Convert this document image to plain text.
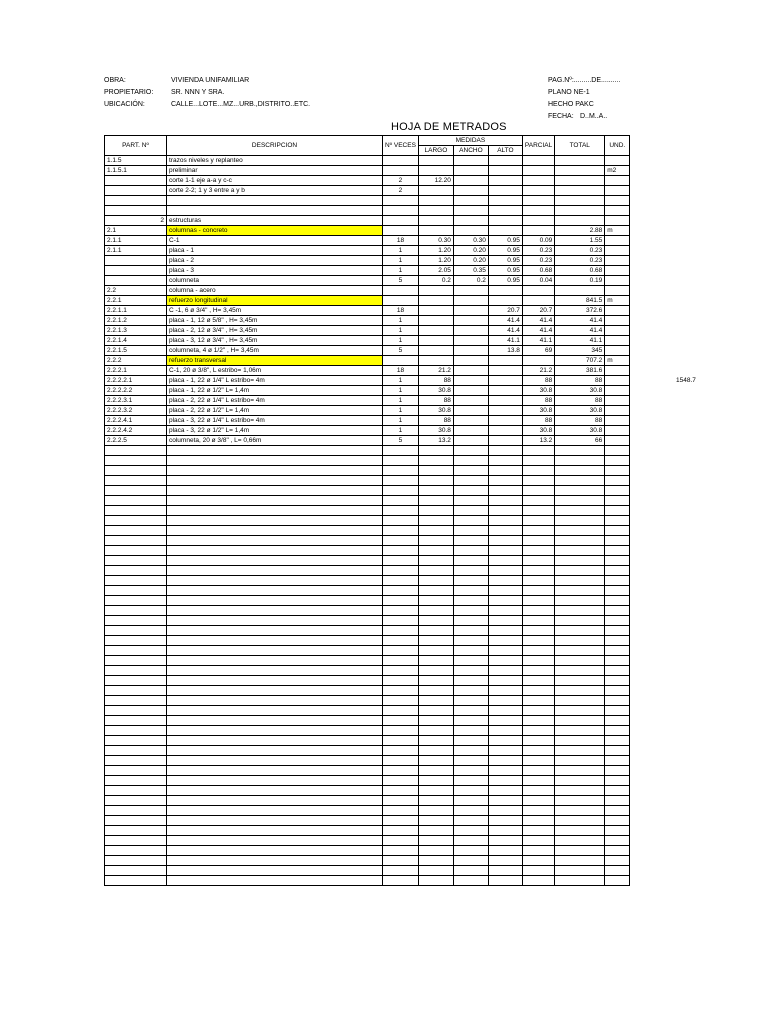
OBRA:	VIVIENDA UNIFAMILIAR
PROPIETARIO:	SR. NNN Y SRA.
UBICACIÓN:	CALLE...LOTE...MZ...URB.,DISTRITO..ETC.
PAG.Nº:.........DE..........
PLANO NE-1
HECHO PAKC
FECHA: D..M..A..
HOJA DE METRADOS
PART. Nº	DESCRIPCION	Nº VECES	MEDIDAS			PARCIAL	TOTAL	UND.
			LARGO	ANCHO	ALTO			
1.1.5	trazos niveles y replanteo							
1.1.5.1	preliminar							m2
	corte 1-1 eje a-a y c-c	2	12.20					
	corte 2-2; 1 y 3 entre a y b	2						

2	estructuras							
2.1	columnas - concreto						2.88	m
2.1.1	C-1	18	0.30	0.30	0.95	0.09	1.55	
2.1.1	placa - 1	1	1.20	0.20	0.95	0.23	0.23	
	placa - 2	1	1.20	0.20	0.95	0.23	0.23	
	placa - 3	1	2.05	0.35	0.95	0.68	0.68	
	columneta	5	0.2	0.2	0.95	0.04	0.19	
2.2	columna - acero							
2.2.1	refuerzo longitudinal						841.5	m
2.2.1.1	C -1, 6 ø 3/4" , H= 3,45m	18			20.7	20.7	372.6	
2.2.1.2	placa - 1, 12 ø 5/8" , H= 3,45m	1			41.4	41.4	41.4	
2.2.1.3	placa - 2, 12 ø 3/4" , H= 3,45m	1			41.4	41.4	41.4	
2.2.1.4	placa - 3, 12 ø 3/4" , H= 3,45m	1			41.1	41.1	41.1	
2.2.1.5	columneta, 4 ø 1/2" , H= 3,45m	5			13.8	69	345	
2.2.2	refuerzo transversal						707.2	m
2.2.2.1	C-1, 20 ø 3/8", L estribo= 1,06m	18	21.2			21.2	381.6	
2.2.2.2.1	placa - 1, 22 ø 1/4" L estribo= 4m	1	88			88	88	
2.2.2.2.2	placa - 1, 22 ø 1/2" L= 1,4m	1	30.8			30.8	30.8	
2.2.2.3.1	placa - 2, 22 ø 1/4" L estribo= 4m	1	88			88	88	
2.2.2.3.2	placa - 2, 22 ø 1/2" L= 1,4m	1	30.8			30.8	30.8	
2.2.2.4.1	placa - 3, 22 ø 1/4" L estribo= 4m	1	88			88	88	
2.2.2.4.2	placa - 3, 22 ø 1/2" L= 1,4m	1	30.8			30.8	30.8	
2.2.2.5	columneta, 20 ø 3/8" , L= 0,66m	5	13.2			13.2	66	

1548.7
